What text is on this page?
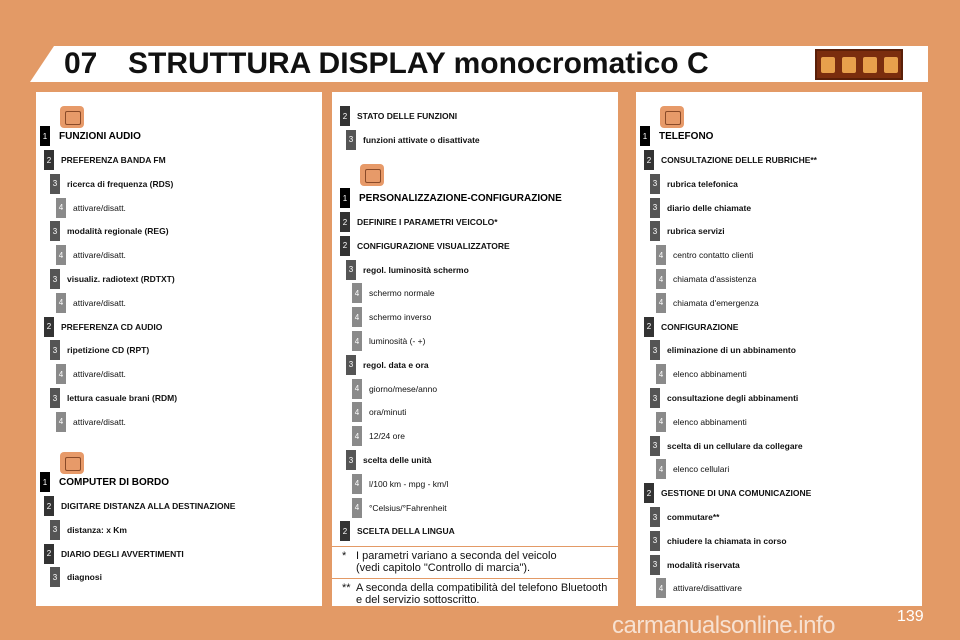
07 STRUTTURA DISPLAY monocromatico C
1 FUNZIONI AUDIO
2	PREFERENZA BANDA FM
3	ricerca di frequenza (RDS)
4	attivare/disatt.
3	modalità regionale (REG)
4	attivare/disatt.
3	visualiz. radiotext (RDTXT)
4	attivare/disatt.
2	PREFERENZA CD AUDIO
3	ripetizione CD (RPT)
4	attivare/disatt.
3	lettura casuale brani (RDM)
4	attivare/disatt.
1 COMPUTER DI BORDO
2	DIGITARE DISTANZA ALLA DESTINAZIONE
3	distanza: x Km
2	DIARIO DEGLI AVVERTIMENTI
3	diagnosi
2	STATO DELLE FUNZIONI
3	funzioni attivate o disattivate
1 PERSONALIZZAZIONE-CONFIGURAZIONE
2	DEFINIRE I PARAMETRI VEICOLO*
2	CONFIGURAZIONE VISUALIZZATORE
3	regol. luminosità schermo
4	schermo normale
4	schermo inverso
4	luminosità (- +)
3	regol. data e ora
4	giorno/mese/anno
4	ora/minuti
4	12/24 ore
3	scelta delle unità
4	l/100 km - mpg - km/l
4	°Celsius/°Fahrenheit
2	SCELTA DELLA LINGUA
* I parametri variano a seconda del veicolo
(vedi capitolo "Controllo di marcia").
** A seconda della compatibilità del telefono Bluetooth
e del servizio sottoscritto.
1 TELEFONO
2	CONSULTAZIONE DELLE RUBRICHE**
3	rubrica telefonica
3	diario delle chiamate
3	rubrica servizi
4	centro contatto clienti
4	chiamata d'assistenza
4	chiamata d'emergenza
2	CONFIGURAZIONE
3	eliminazione di un abbinamento
4	elenco abbinamenti
3	consultazione degli abbinamenti
4	elenco abbinamenti
3	scelta di un cellulare da collegare
4	elenco cellulari
2	GESTIONE DI UNA COMUNICAZIONE
3	commutare**
3	chiudere la chiamata in corso
3	modalità riservata
4	attivare/disattivare
139
carmanualsonline.info
